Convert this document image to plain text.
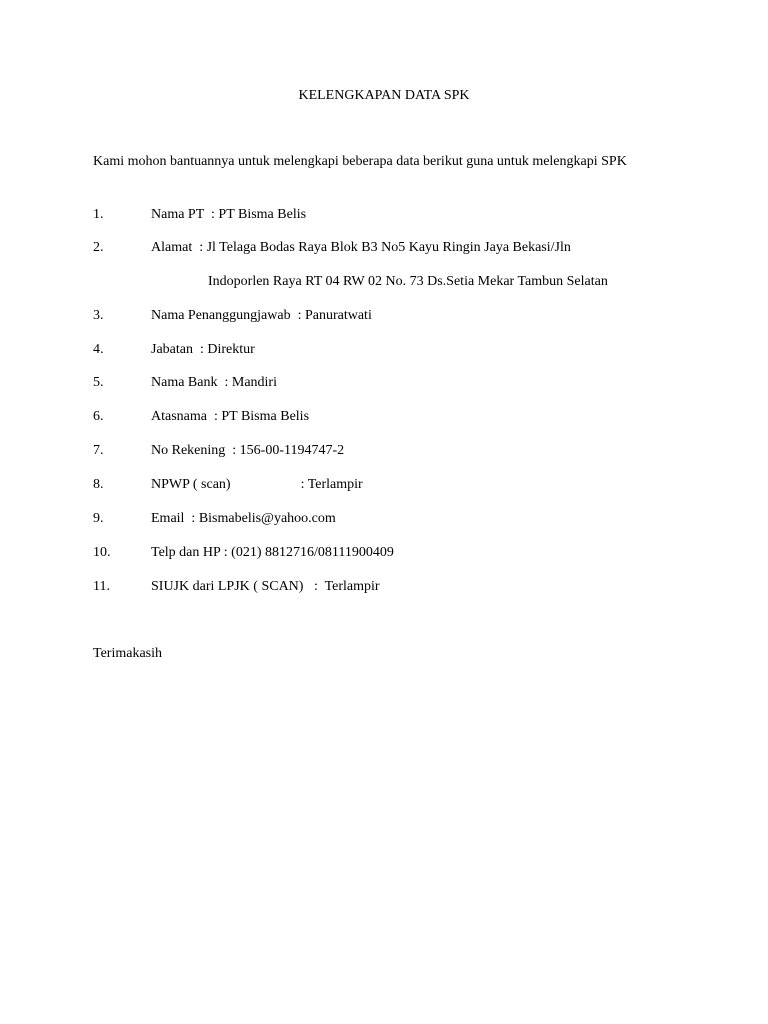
KELENGKAPAN DATA SPK
Kami mohon bantuannya untuk melengkapi beberapa data berikut guna untuk melengkapi SPK
1.	Nama PT  : PT Bisma Belis
2.	Alamat  : Jl Telaga Bodas Raya Blok B3 No5 Kayu Ringin Jaya Bekasi/Jln
Indoporlen Raya RT 04 RW 02 No. 73 Ds.Setia Mekar Tambun Selatan
3.	Nama Penanggungjawab  : Panuratwati
4.	Jabatan  : Direktur
5.	Nama Bank  : Mandiri
6.	Atasnama  : PT Bisma Belis
7.	No Rekening  : 156-00-1194747-2
8.	NPWP ( scan)                    : Terlampir
9.	Email  : Bismabelis@yahoo.com
10.	Telp dan HP : (021) 8812716/08111900409
11.	SIUJK dari LPJK ( SCAN)   :  Terlampir
Terimakasih
